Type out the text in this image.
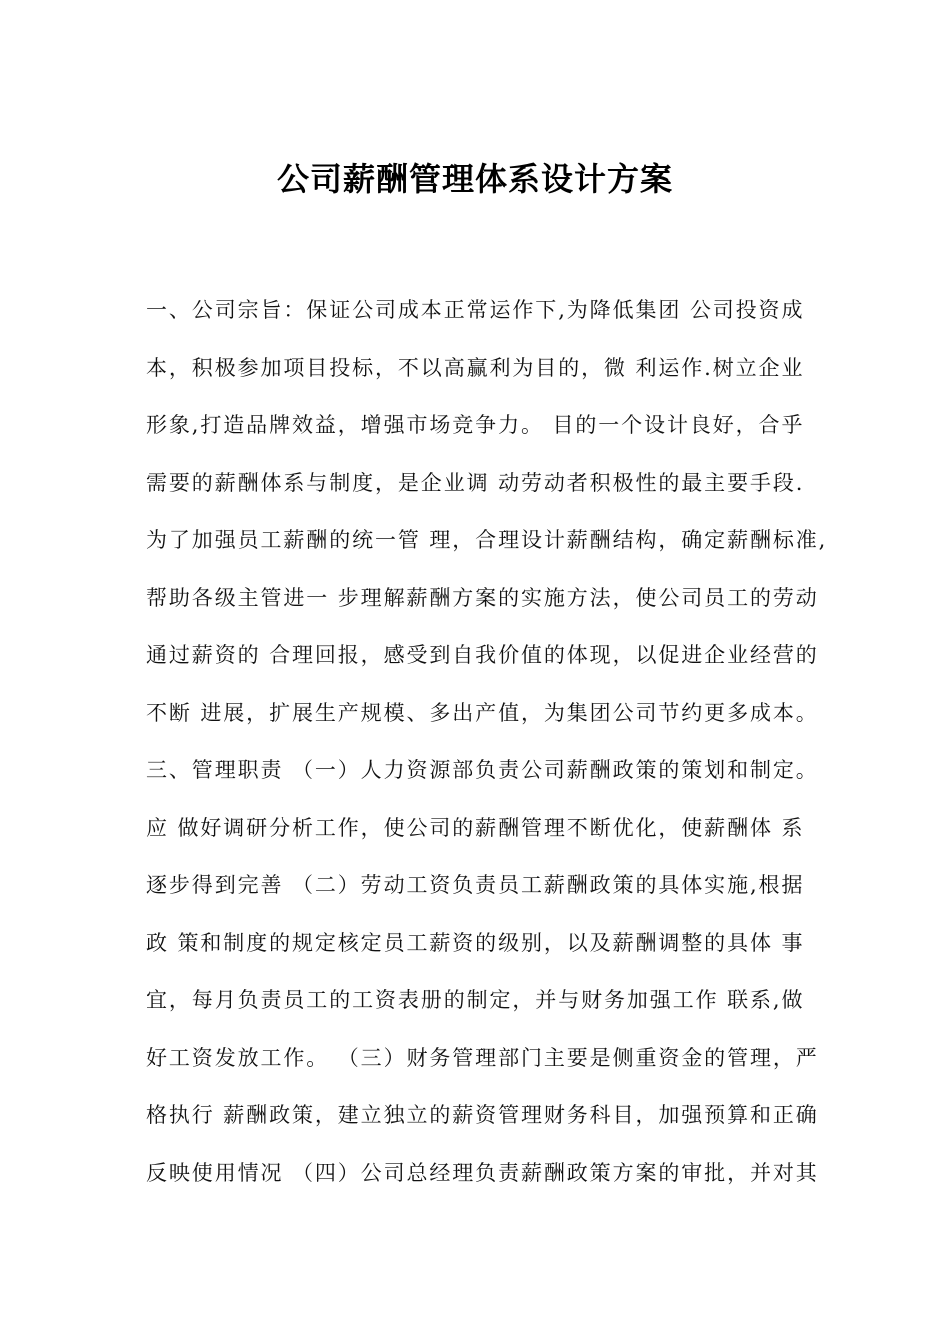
公司薪酬管理体系设计方案
一、公司宗旨：保证公司成本正常运作下,为降低集团 公司投资成
本，积极参加项目投标，不以高赢利为目的，微 利运作.树立企业
形象,打造品牌效益，增强市场竞争力。 目的一个设计良好，合乎
需要的薪酬体系与制度，是企业调 动劳动者积极性的最主要手段.
为了加强员工薪酬的统一管 理，合理设计薪酬结构，确定薪酬标准,
帮助各级主管进一 步理解薪酬方案的实施方法，使公司员工的劳动
通过薪资的 合理回报，感受到自我价值的体现，以促进企业经营的
不断 进展，扩展生产规模、多出产值，为集团公司节约更多成本。
三、管理职责 （一）人力资源部负责公司薪酬政策的策划和制定。
应 做好调研分析工作，使公司的薪酬管理不断优化，使薪酬体 系
逐步得到完善 （二）劳动工资负责员工薪酬政策的具体实施,根据
政 策和制度的规定核定员工薪资的级别，以及薪酬调整的具体 事
宜，每月负责员工的工资表册的制定，并与财务加强工作 联系,做
好工资发放工作。 （三）财务管理部门主要是侧重资金的管理，严
格执行 薪酬政策，建立独立的薪资管理财务科目，加强预算和正确
反映使用情况 （四）公司总经理负责薪酬政策方案的审批，并对其
